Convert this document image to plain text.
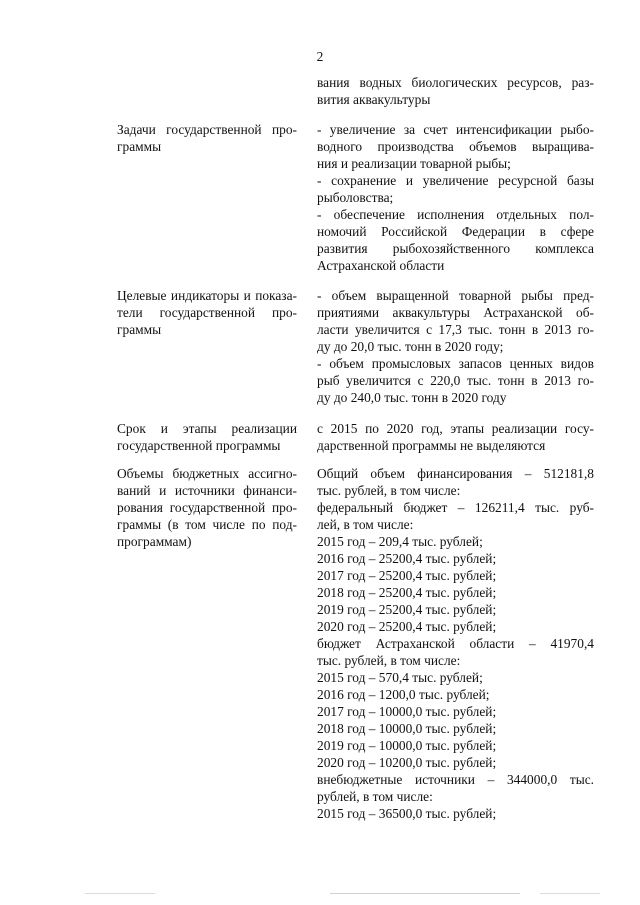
2
вания водных биологических ресурсов, раз-
вития аквакультуры
Задачи государственной про-
граммы
- увеличение за счет интенсификации рыбо-
водного производства объемов выращива-
ния и реализации товарной рыбы;
- сохранение и увеличение ресурсной базы
рыболовства;
- обеспечение исполнения отдельных пол-
номочий Российской Федерации в сфере
развития рыбохозяйственного комплекса
Астраханской области
Целевые индикаторы и показа-
тели государственной про-
граммы
- объем выращенной товарной рыбы пред-
приятиями аквакультуры Астраханской об-
ласти увеличится с 17,3 тыс. тонн в 2013 го-
ду до 20,0 тыс. тонн в 2020 году;
- объем промысловых запасов ценных видов
рыб увеличится с 220,0 тыс. тонн в 2013 го-
ду до 240,0 тыс. тонн в 2020 году
Срок и этапы реализации
государственной программы
с 2015 по 2020 год, этапы реализации госу-
дарственной программы не выделяются
Объемы бюджетных ассигно-
ваний и источники финанси-
рования государственной про-
граммы (в том числе по под-
программам)
Общий объем финансирования – 512181,8
тыс. рублей, в том числе:
федеральный бюджет – 126211,4 тыс. руб-
лей, в том числе:
2015 год – 209,4 тыс. рублей;
2016 год – 25200,4 тыс. рублей;
2017 год – 25200,4 тыс. рублей;
2018 год – 25200,4 тыс. рублей;
2019 год – 25200,4 тыс. рублей;
2020 год – 25200,4 тыс. рублей;
бюджет Астраханской области – 41970,4
тыс. рублей, в том числе:
2015 год – 570,4 тыс. рублей;
2016 год – 1200,0 тыс. рублей;
2017 год – 10000,0 тыс. рублей;
2018 год – 10000,0 тыс. рублей;
2019 год – 10000,0 тыс. рублей;
2020 год – 10200,0 тыс. рублей;
внебюджетные источники – 344000,0 тыс.
рублей, в том числе:
2015 год – 36500,0 тыс. рублей;
